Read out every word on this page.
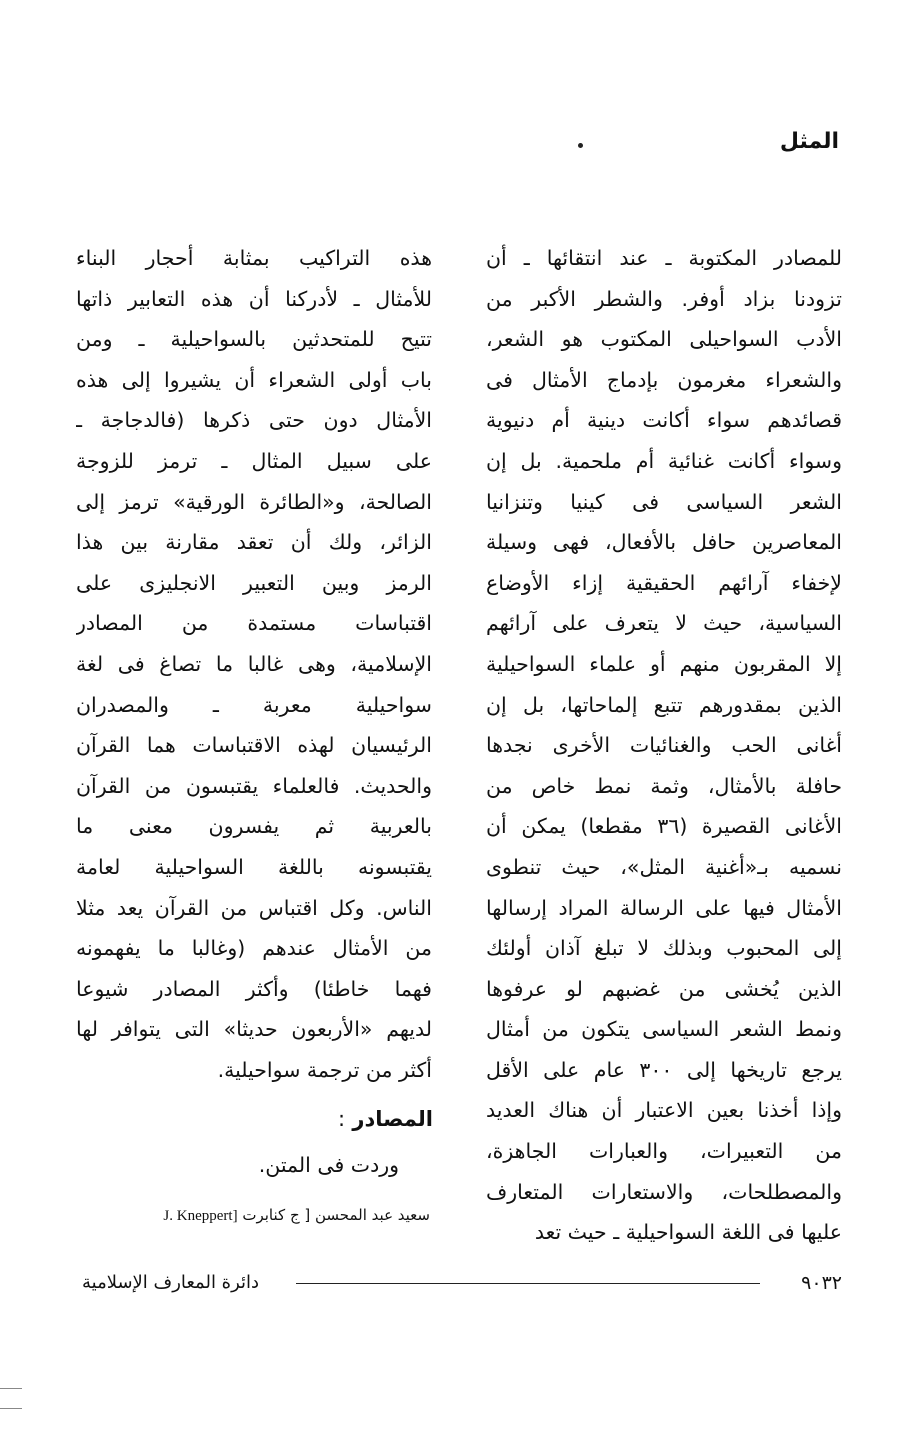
المثل
للمصادر المكتوبة ـ عند انتقائها ـ أن
تزودنا بزاد أوفر. والشطر الأكبر من
الأدب السواحيلى المكتوب هو الشعر،
والشعراء مغرمون بإدماج الأمثال فى
قصائدهم سواء أكانت دينية أم دنيوية
وسواء أكانت غنائية أم ملحمية. بل إن
الشعر السياسى فى كينيا وتنزانيا
المعاصرين حافل بالأفعال، فهى وسيلة
لإخفاء آرائهم الحقيقية إزاء الأوضاع
السياسية، حيث لا يتعرف على آرائهم
إلا المقربون منهم أو علماء السواحيلية
الذين بمقدورهم تتبع إلماحاتها، بل إن
أغانى الحب والغنائيات الأخرى نجدها
حافلة بالأمثال، وثمة نمط خاص من
الأغانى القصيرة (٣٦ مقطعا) يمكن أن
نسميه بـ«أغنية المثل»، حيث تنطوى
الأمثال فيها على الرسالة المراد إرسالها
إلى المحبوب وبذلك لا تبلغ آذان أولئك
الذين يُخشى من غضبهم لو عرفوها
ونمط الشعر السياسى يتكون من أمثال
يرجع تاريخها إلى ٣٠٠ عام على الأقل
وإذا أخذنا بعين الاعتبار أن هناك العديد
من التعبيرات، والعبارات الجاهزة،
والمصطلحات، والاستعارات المتعارف
عليها فى اللغة السواحيلية ـ حيث تعد
هذه التراكيب بمثابة أحجار البناء
للأمثال ـ لأدركنا أن هذه التعابير ذاتها
تتيح للمتحدثين بالسواحيلية ـ ومن
باب أولى الشعراء أن يشيروا إلى هذه
الأمثال دون حتى ذكرها (فالدجاجة ـ
على سبيل المثال ـ ترمز للزوجة
الصالحة، و«الطائرة الورقية» ترمز إلى
الزائر، ولك أن تعقد مقارنة بين هذا
الرمز وبين التعبير الانجليزى على
اقتباسات مستمدة من المصادر
الإسلامية، وهى غالبا ما تصاغ فى لغة
سواحيلية معربة ـ والمصدران
الرئيسيان لهذه الاقتباسات هما القرآن
والحديث. فالعلماء يقتبسون من القرآن
بالعربية ثم يفسرون معنى ما
يقتبسونه باللغة السواحيلية لعامة
الناس. وكل اقتباس من القرآن يعد مثلا
من الأمثال عندهم (وغالبا ما يفهمونه
فهما خاطئا) وأكثر المصادر شيوعا
لديهم «الأربعون حديثا» التى يتوافر لها
أكثر من ترجمة سواحيلية.

المصادر :

وردت فى المتن.

سعيد عبد المحسن [ ج كنابرت J. Kneppert]

٩٠٣٢
دائرة المعارف الإسلامية
